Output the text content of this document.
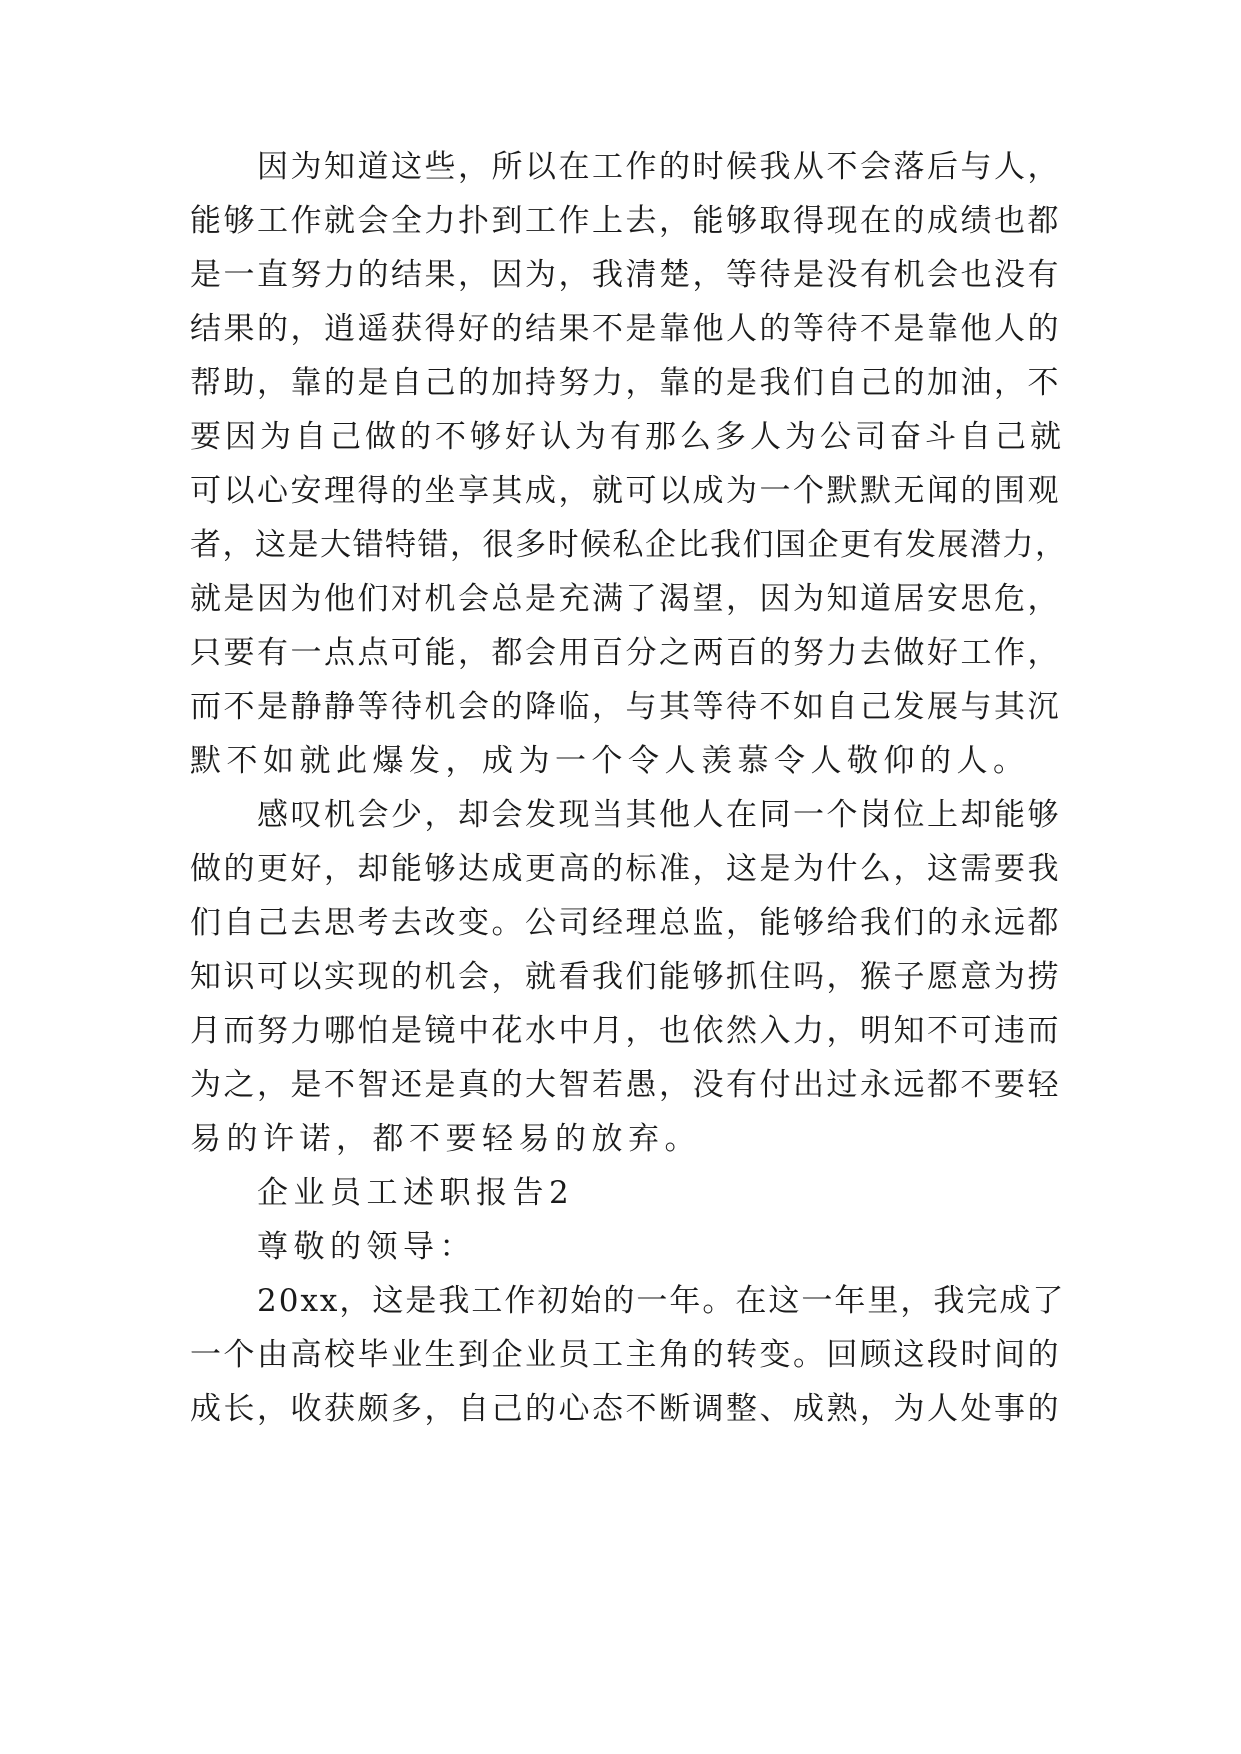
因为知道这些，所以在工作的时候我从不会落后与人，
能够工作就会全力扑到工作上去，能够取得现在的成绩也都
是一直努力的结果，因为，我清楚，等待是没有机会也没有
结果的，逍遥获得好的结果不是靠他人的等待不是靠他人的
帮助，靠的是自己的加持努力，靠的是我们自己的加油，不
要因为自己做的不够好认为有那么多人为公司奋斗自己就
可以心安理得的坐享其成，就可以成为一个默默无闻的围观
者，这是大错特错，很多时候私企比我们国企更有发展潜力，
就是因为他们对机会总是充满了渴望，因为知道居安思危，
只要有一点点可能，都会用百分之两百的努力去做好工作，
而不是静静等待机会的降临，与其等待不如自己发展与其沉
默不如就此爆发，成为一个令人羡慕令人敬仰的人。
感叹机会少，却会发现当其他人在同一个岗位上却能够
做的更好，却能够达成更高的标准，这是为什么，这需要我
们自己去思考去改变。公司经理总监，能够给我们的永远都
知识可以实现的机会，就看我们能够抓住吗，猴子愿意为捞
月而努力哪怕是镜中花水中月，也依然入力，明知不可违而
为之，是不智还是真的大智若愚，没有付出过永远都不要轻
易的许诺，都不要轻易的放弃。
企业员工述职报告2
尊敬的领导：
20xx，这是我工作初始的一年。在这一年里，我完成了
一个由高校毕业生到企业员工主角的转变。回顾这段时间的
成长，收获颇多，自己的心态不断调整、成熟，为人处事的
